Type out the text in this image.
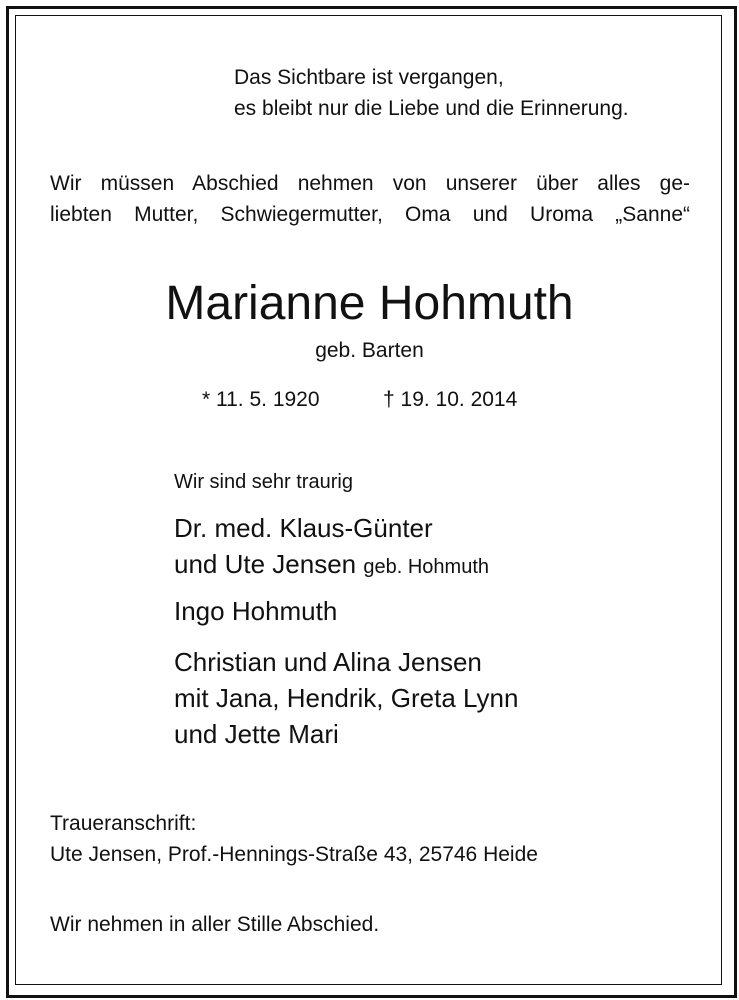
Das Sichtbare ist vergangen,
es bleibt nur die Liebe und die Erinnerung.
Wir müssen Abschied nehmen von unserer über alles ge-
liebten Mutter, Schwiegermutter, Oma und Uroma „Sanne“
Marianne Hohmuth
geb. Barten
* 11. 5. 1920	† 19. 10. 2014
Wir sind sehr traurig
Dr. med. Klaus-Günter
und Ute Jensen geb. Hohmuth
Ingo Hohmuth
Christian und Alina Jensen
mit Jana, Hendrik, Greta Lynn
und Jette Mari
Traueranschrift:
Ute Jensen, Prof.-Hennings-Straße 43, 25746 Heide
Wir nehmen in aller Stille Abschied.
